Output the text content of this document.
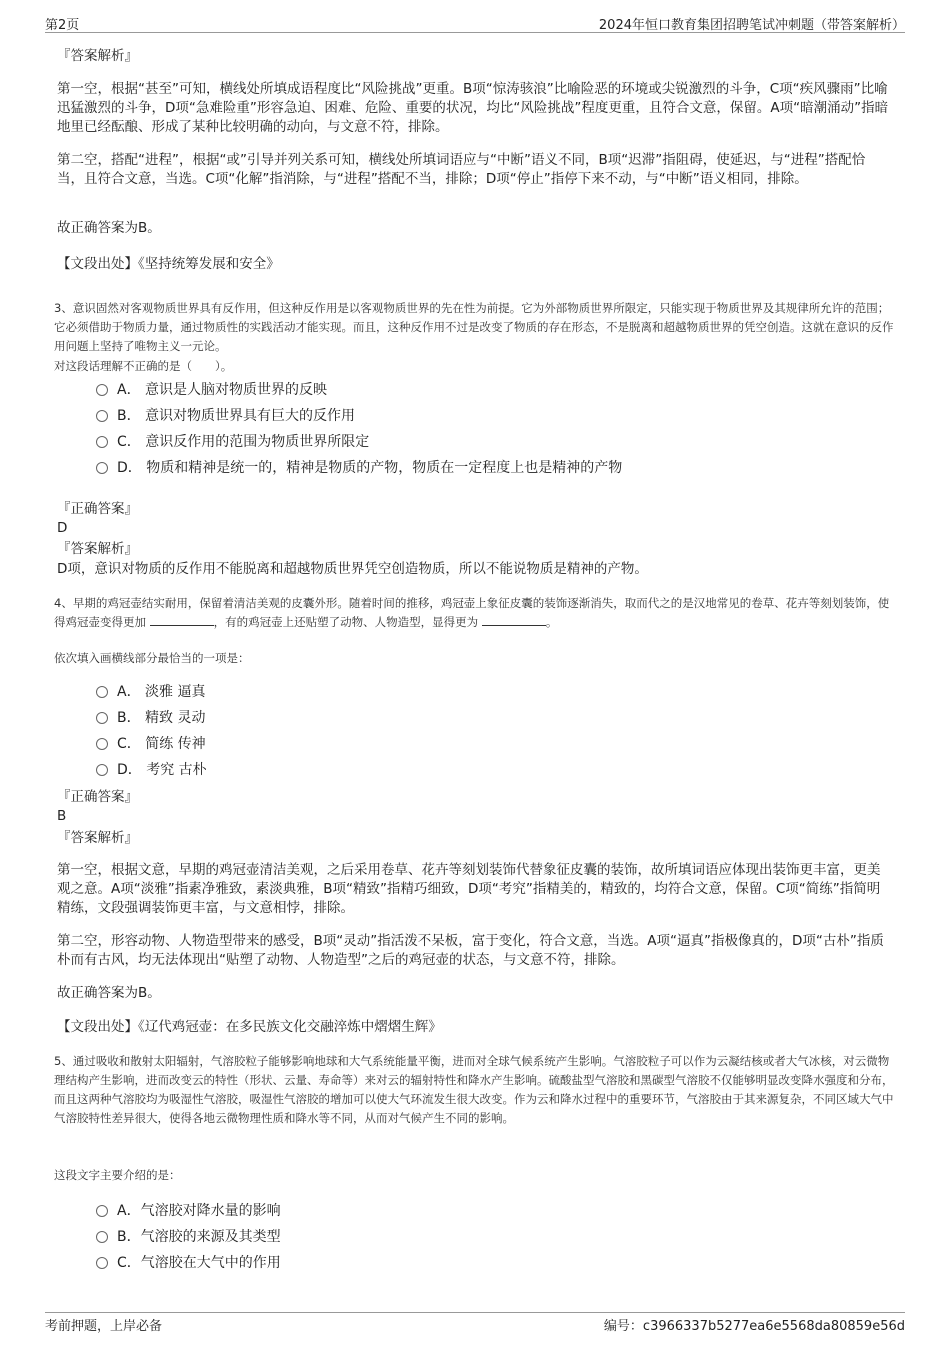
第2页	2024年恒口教育集团招聘笔试冲刺题（带答案解析）
『答案解析』
第一空，根据“甚至”可知，横线处所填成语程度比“风险挑战”更重。B项“惊涛骇浪”比喻险恶的环境或尖锐激烈的斗争，C项“疾风骤雨”比喻迅猛激烈的斗争，D项“急难险重”形容急迫、困难、危险、重要的状况，均比“风险挑战”程度更重，且符合文意，保留。A项“暗潮涌动”指暗地里已经酝酿、形成了某种比较明确的动向，与文意不符，排除。
第二空，搭配“进程”，根据“或”引导并列关系可知，横线处所填词语应与“中断”语义不同，B项“迟滞”指阻碍，使延迟，与“进程”搭配恰当，且符合文意，当选。C项“化解”指消除，与“进程”搭配不当，排除；D项“停止”指停下来不动，与“中断”语义相同，排除。
故正确答案为B。
【文段出处】《坚持统筹发展和安全》
3、意识固然对客观物质世界具有反作用，但这种反作用是以客观物质世界的先在性为前提。它为外部物质世界所限定，只能实现于物质世界及其规律所允许的范围；它必须借助于物质力量，通过物质性的实践活动才能实现。而且，这种反作用不过是改变了物质的存在形态，不是脱离和超越物质世界的凭空创造。这就在意识的反作用问题上坚持了唯物主义一元论。
对这段话理解不正确的是（　　）。
A． 意识是人脑对物质世界的反映
B． 意识对物质世界具有巨大的反作用
C． 意识反作用的范围为物质世界所限定
D． 物质和精神是统一的，精神是物质的产物，物质在一定程度上也是精神的产物
『正确答案』
D
『答案解析』
D项，意识对物质的反作用不能脱离和超越物质世界凭空创造物质，所以不能说物质是精神的产物。
4、早期的鸡冠壶结实耐用，保留着清洁美观的皮囊外形。随着时间的推移，鸡冠壶上象征皮囊的装饰逐渐消失，取而代之的是汉地常见的卷草、花卉等刻划装饰，使得鸡冠壶变得更加	，有的鸡冠壶上还贴塑了动物、人物造型，显得更为	。
依次填入画横线部分最恰当的一项是：
A． 淡雅 逼真
B． 精致 灵动
C． 简练 传神
D． 考究 古朴
『正确答案』
B
『答案解析』
第一空，根据文意，早期的鸡冠壶清洁美观，之后采用卷草、花卉等刻划装饰代替象征皮囊的装饰，故所填词语应体现出装饰更丰富，更美观之意。A项“淡雅”指素净雅致，素淡典雅，B项“精致”指精巧细致，D项“考究”指精美的，精致的，均符合文意，保留。C项“简练”指简明精练，文段强调装饰更丰富，与文意相悖，排除。
第二空，形容动物、人物造型带来的感受，B项“灵动”指活泼不呆板，富于变化，符合文意，当选。A项“逼真”指极像真的，D项“古朴”指质朴而有古风，均无法体现出“贴塑了动物、人物造型”之后的鸡冠壶的状态，与文意不符，排除。
故正确答案为B。
【文段出处】《辽代鸡冠壶：在多民族文化交融淬炼中熠熠生辉》
5、通过吸收和散射太阳辐射，气溶胶粒子能够影响地球和大气系统能量平衡，进而对全球气候系统产生影响。气溶胶粒子可以作为云凝结核或者大气冰核，对云微物理结构产生影响，进而改变云的特性（形状、云量、寿命等）来对云的辐射特性和降水产生影响。硫酸盐型气溶胶和黑碳型气溶胶不仅能够明显改变降水强度和分布，而且这两种气溶胶均为吸湿性气溶胶，吸湿性气溶胶的增加可以使大气环流发生很大改变。作为云和降水过程中的重要环节，气溶胶由于其来源复杂，不同区域大气中气溶胶特性差异很大，使得各地云微物理性质和降水等不同，从而对气候产生不同的影响。
这段文字主要介绍的是：
A．气溶胶对降水量的影响
B．气溶胶的来源及其类型
C．气溶胶在大气中的作用
考前押题，上岸必备	编号：c3966337b5277ea6e5568da80859e56d
